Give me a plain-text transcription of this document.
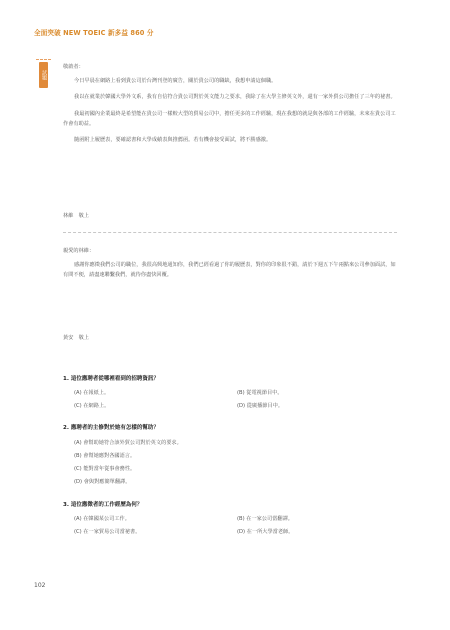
全面突破 NEW TOEIC 新多益 860 分
試題
敬啟者：
今日早晨在網路上看到貴公司於台灣刊登的廣告，關於貴公司的職缺，我想申請這個職。
我以在就業於韓國大學外文系，我有自信符合貴公司對於英文能力之要求，我除了在大學主修英文外，還有一家外貿公司擔任了三年的祕書。
我最初國內企業最終是希望能在貴公司一樣較大型的貿易公司中，擔任更多的工作經驗，現在我想的就是與各部的工作經驗，未來在貴公司工作會有助益。
隨函附上履歷表，要確認書和大學成績表與推薦函。若有機會接受面試，將不勝感激。
林維　敬上
親愛的林維：
感謝你應徵我們公司的職位，我很高興地通知你，我們已經看過了你的履歷表，對你的印象很不錯，請於下週五下午兩點來公司參加面試，如有問不便，請盡速聯繫我們，就待你盡快回覆。
黃安　敬上
1. 這位應聘者從哪裡看到的招聘資訊？
(A) 在報紙上。	(B) 從電視節目中。
(C) 在網路上。	(D) 從廣播節目中。
2. 應聘者的主修對於她有怎樣的幫助？
(A) 會幫助她符合該外貿公司對於英文的要求。
(B) 會幫她應對各國語言。
(C) 能對當年從事會務性。
(D) 會與對應簡單翻譯。
3. 這位應徵者的工作經歷為何？
(A) 在韓國某公司工作。	(B) 在一家公司當翻譯。
(C) 在一家貿易公司當祕書。	(D) 在一所大學當老師。
102
